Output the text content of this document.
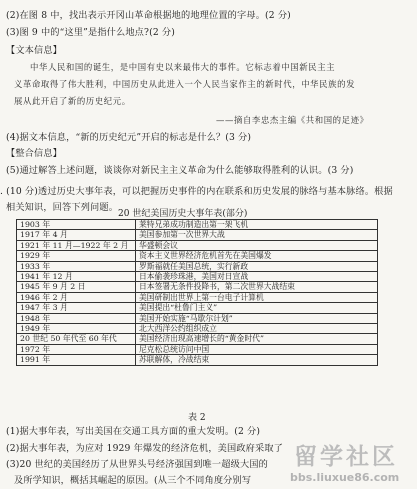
(2)在图 8 中，找出表示开冈山革命根据地的地理位置的字母。(2 分)
(3)图 9 中的“这里”是指什么地点?(2 分)
【文本信息】
中华人民和国的诞生，是中国有史以来最伟大的事件。它标志着中国新民主主
义革命取得了伟大胜利，中国历史从此进入一个人民当家作主的新时代，中华民族的发
展从此开启了新的历史纪元。
——摘自李忠杰主编《共和国的足迹》
(4)据文本信息，“新的历史纪元”开启的标志是什么？(3 分)
【整合信息】
(5)通过解答上述问题，谈谈你对新民主主义革命为什么能够取得胜利的认识。(3 分)
. (10 分)透过历史大事年表，可以把握历史事件的内在联系和历史发展的脉络与基本脉络。根据
相关知识，回答下列问题。
20 世纪美国历史大事年表(部分)
1903 年	莱特兄弟成功制造出第一架飞机
1917 年 4 月	美国参加第一次世界大战
1921 年 11 月—1922 年 2 月	华盛顿会议
1929 年	资本主义世界经济危机首先在美国爆发
1933 年	罗斯福就任美国总统，实行新政
1941 年 12 月	日本偷袭珍珠港，美国对日宣战
1945 年 9 月 2 日	日本签署无条件投降书，第二次世界大战结束
1946 年 2 月	美国研制出世界上第一台电子计算机
1947 年 3 月	美国提出“杜鲁门主义”
1948 年	美国开始实施“马歇尔计划”
1949 年	北大西洋公约组织成立
20 世纪 50 年代至 60 年代	美国经济出现高速增长的“黄金时代”
1972 年	尼克松总统访问中国
1991 年	苏联解体，冷战结束
表 2
(1)据大事年表，写出美国在交通工具方面的重大发明。(2 分)
(2)据大事年表，为应对 1929 年爆发的经济危机，美国政府采取了
(3)20 世纪的美国经历了从世界头号经济强国到唯一超级大国的
及所学知识，概括其崛起的原因。(从三个不同角度分别写
留学社区
bbs.liuxue86.com
